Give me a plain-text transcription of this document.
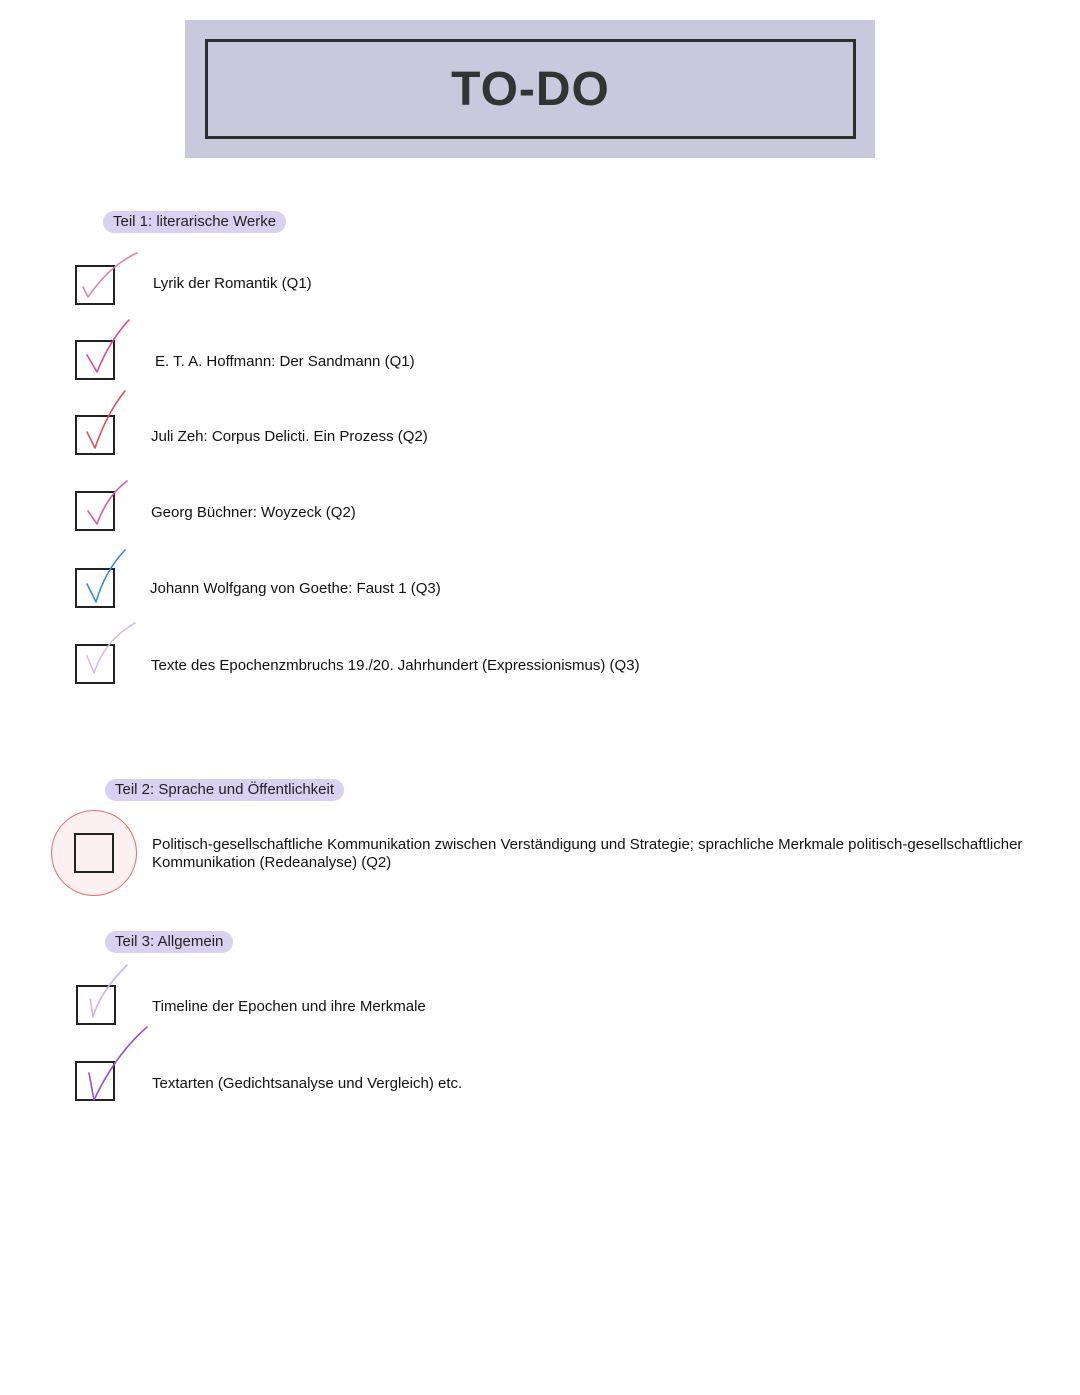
TO-DO
Teil 1: literarische Werke
Lyrik der Romantik (Q1)
E. T. A. Hoffmann: Der Sandmann (Q1)
Juli Zeh: Corpus Delicti. Ein Prozess (Q2)
Georg Büchner: Woyzeck (Q2)
Johann Wolfgang von Goethe: Faust 1 (Q3)
Texte des Epochenzmbruchs 19./20. Jahrhundert (Expressionismus) (Q3)
Teil 2: Sprache und Öffentlichkeit
Politisch-gesellschaftliche Kommunikation zwischen Verständigung und Strategie; sprachliche Merkmale politisch-gesellschaftlicher
Kommunikation (Redeanalyse) (Q2)
Teil 3: Allgemein
Timeline der Epochen und ihre Merkmale
Textarten (Gedichtsanalyse und Vergleich) etc.
